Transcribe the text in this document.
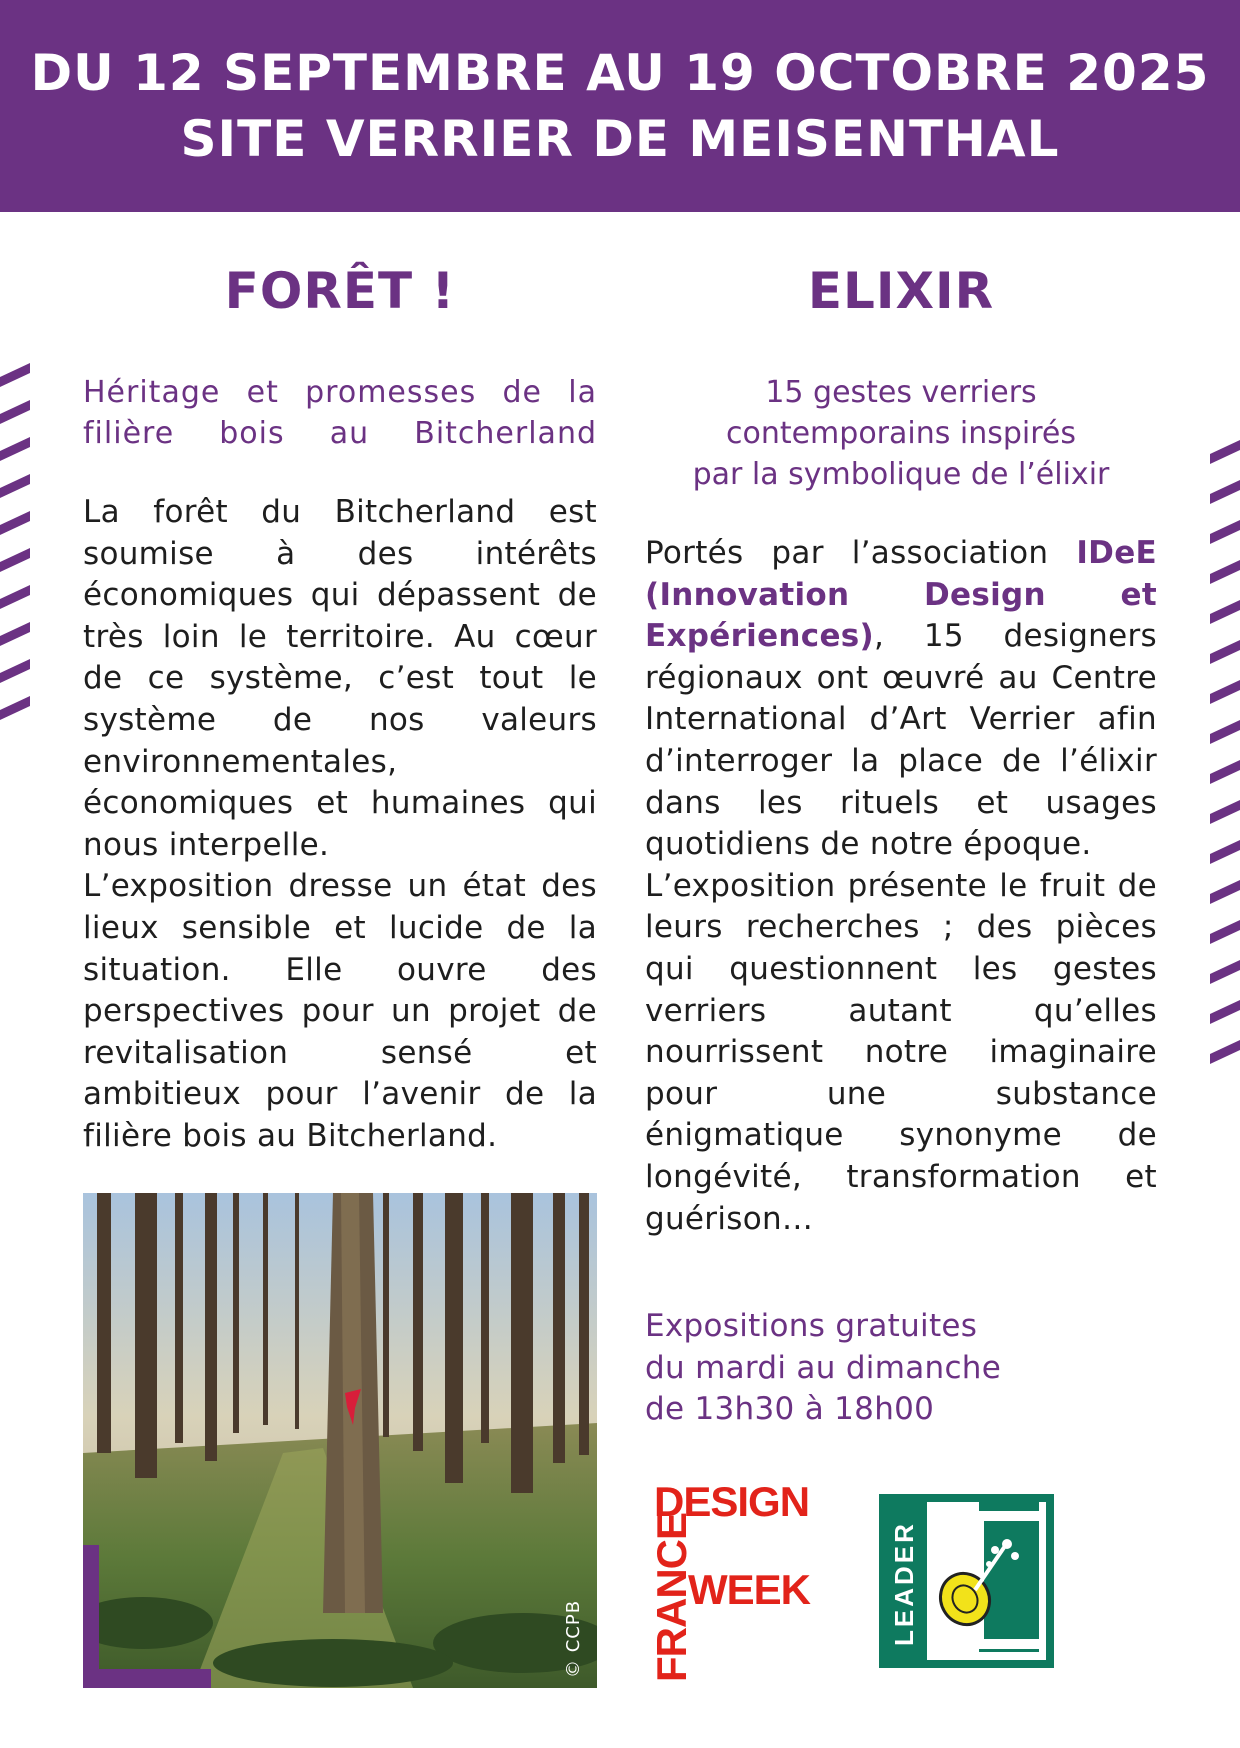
DU 12 SEPTEMBRE AU 19 OCTOBRE 2025
SITE VERRIER DE MEISENTHAL
FORÊT !

Héritage et promesses de la filière bois au Bitcherland

La forêt du Bitcherland est soumise à des intérêts économiques qui dépassent de très loin le territoire. Au cœur de ce système, c’est tout le système de nos valeurs environnementales, économiques et humaines qui nous interpelle.

L’exposition dresse un état des lieux sensible et lucide de la situation. Elle ouvre des perspectives pour un projet de revitalisation sensé et ambitieux pour l’avenir de la filière bois au Bitcherland.

© CCPB
ELIXIR
15 gestes verriers
contemporains inspirés
par la symbolique de l’élixir

Portés par l’association IDeE (Innovation Design et Expériences), 15 designers régionaux ont œuvré au Centre International d’Art Verrier afin d’interroger la place de l’élixir dans les rituels et usages quotidiens de notre époque.

L’exposition présente le fruit de leurs recherches ; des pièces qui questionnent les gestes verriers autant qu’elles nourrissent notre imaginaire pour une substance énigmatique synonyme de longévité, transformation et guérison…

Expositions gratuites
du mardi au dimanche
de 13h30 à 18h00
DESIGN
WEEK
FRANCE	LEADER
